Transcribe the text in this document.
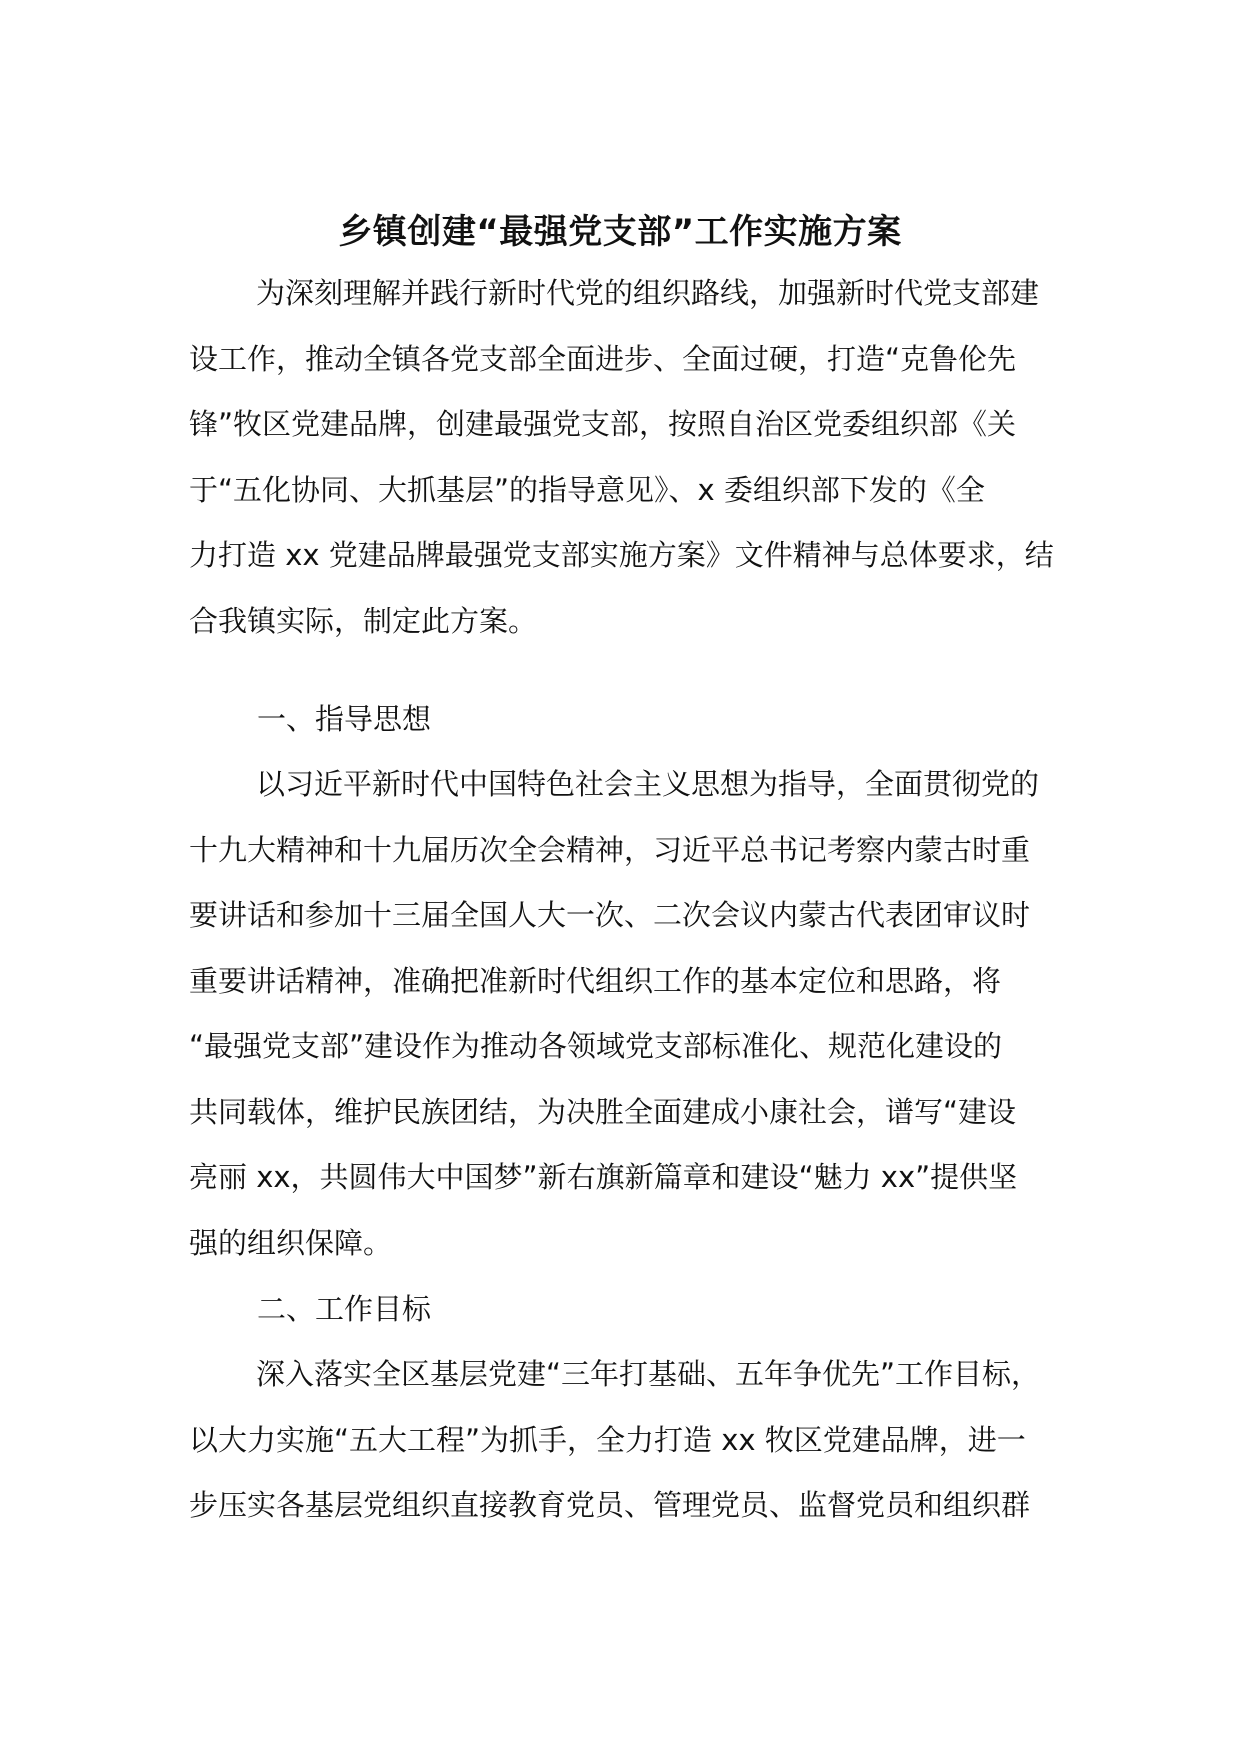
乡镇创建“最强党支部”工作实施方案

为深刻理解并践行新时代党的组织路线，加强新时代党支部建
设工作，推动全镇各党支部全面进步、全面过硬，打造“克鲁伦先
锋”牧区党建品牌，创建最强党支部，按照自治区党委组织部《关
于“五化协同、大抓基层”的指导意见》、x 委组织部下发的《全
力打造 xx 党建品牌最强党支部实施方案》文件精神与总体要求，结
合我镇实际，制定此方案。

一、指导思想

以习近平新时代中国特色社会主义思想为指导，全面贯彻党的
十九大精神和十九届历次全会精神，习近平总书记考察内蒙古时重
要讲话和参加十三届全国人大一次、二次会议内蒙古代表团审议时
重要讲话精神，准确把准新时代组织工作的基本定位和思路，将
“最强党支部”建设作为推动各领域党支部标准化、规范化建设的
共同载体，维护民族团结，为决胜全面建成小康社会，谱写“建设
亮丽 xx，共圆伟大中国梦”新右旗新篇章和建设“魅力 xx”提供坚
强的组织保障。

二、工作目标

深入落实全区基层党建“三年打基础、五年争优先”工作目标，
以大力实施“五大工程”为抓手，全力打造 xx 牧区党建品牌，进一
步压实各基层党组织直接教育党员、管理党员、监督党员和组织群
